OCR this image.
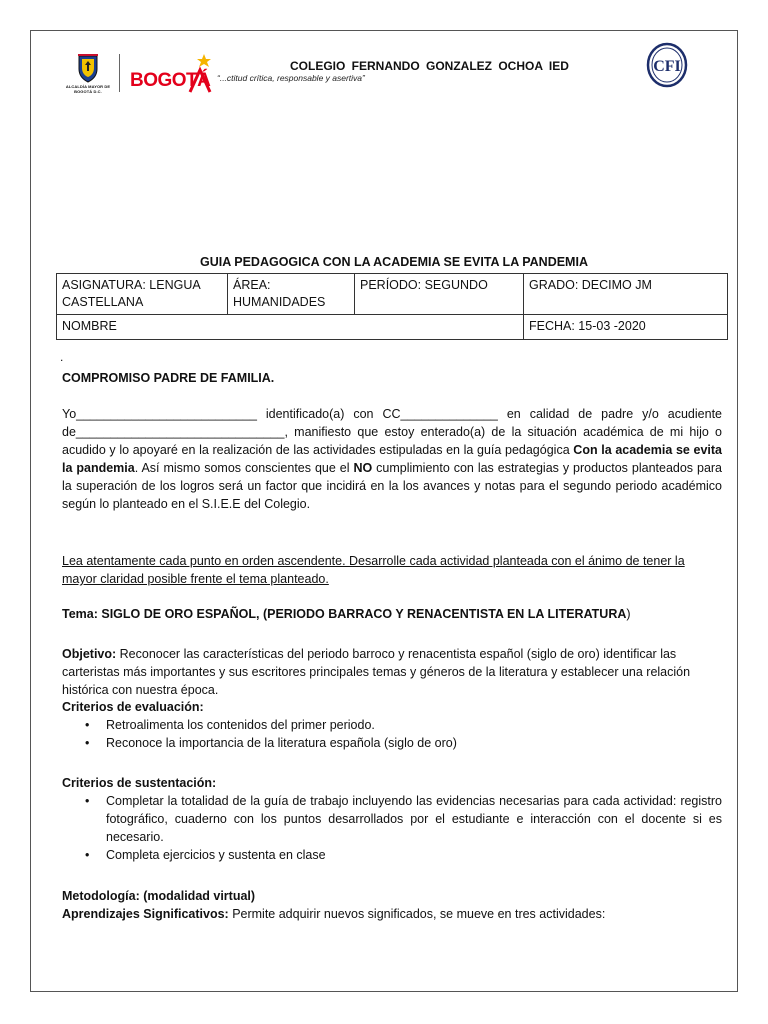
ALCALDÍA MAYOR DE BOGOTÁ D.C.
BOGOTÁ “...ctitud crítica, responsable y asertiva”
COLEGIO FERNANDO GONZALEZ OCHOA IED	CFI
GUIA PEDAGOGICA CON LA ACADEMIA SE EVITA LA PANDEMIA
ASIGNATURA: LENGUA CASTELLANA	ÁREA: HUMANIDADES	PERÍODO: SEGUNDO	GRADO: DECIMO JM
NOMBRE			FECHA: 15-03 -2020
.
COMPROMISO PADRE DE FAMILIA.
Yo__________________________ identificado(a) con CC______________ en calidad de padre y/o acudiente de______________________________, manifiesto que estoy enterado(a) de la situación académica de mi hijo o acudido y lo apoyaré en la realización de las actividades estipuladas en la guía pedagógica Con la academia se evita la pandemia. Así mismo somos conscientes que el NO cumplimiento con las estrategias y productos planteados para la superación de los logros será un factor que incidirá en la los avances y notas para el segundo periodo académico según lo planteado en el S.I.E.E del Colegio.
Lea atentamente cada punto en orden ascendente. Desarrolle cada actividad planteada con el ánimo de tener la mayor claridad posible frente el tema planteado.
Tema: SIGLO DE ORO ESPAÑOL, (PERIODO BARRACO Y RENACENTISTA EN LA LITERATURA)
Objetivo: Reconocer las características del periodo barroco y renacentista español (siglo de oro) identificar las carteristas más importantes y sus escritores principales temas y géneros de la literatura y establecer una relación histórica con nuestra época.
Criterios de evaluación:
• Retroalimenta los contenidos del primer periodo.
• Reconoce la importancia de la literatura española (siglo de oro)
Criterios de sustentación:
• Completar la totalidad de la guía de trabajo incluyendo las evidencias necesarias para cada actividad: registro fotográfico, cuaderno con los puntos desarrollados por el estudiante e interacción con el docente si es necesario.
• Completa ejercicios y sustenta en clase
Metodología: (modalidad virtual)
Aprendizajes Significativos: Permite adquirir nuevos significados, se mueve en tres actividades:
